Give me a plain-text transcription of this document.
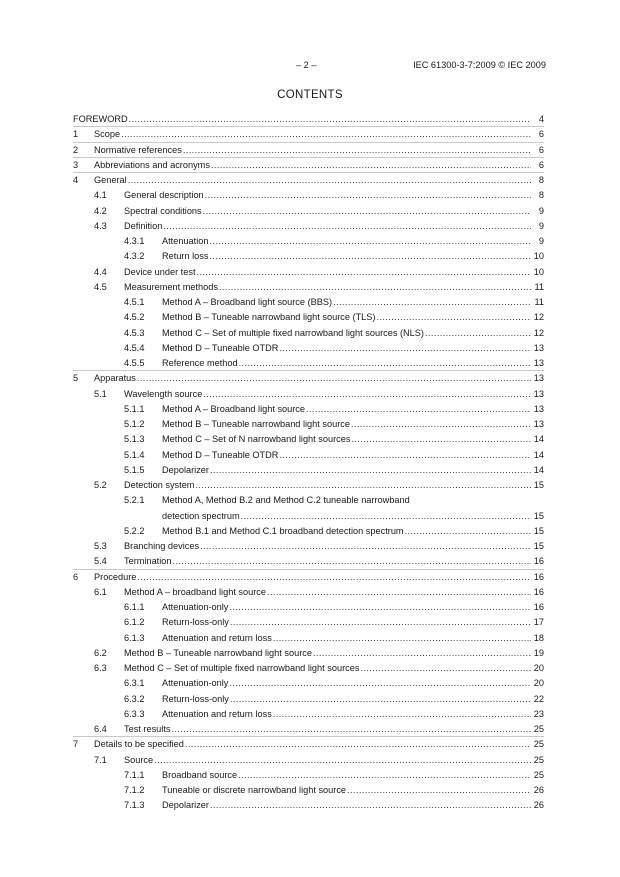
– 2 –	IEC 61300-3-7:2009 © IEC 2009
CONTENTS
FOREWORD .....	4
1 Scope .....	6
2 Normative references .....	6
3 Abbreviations and acronyms .....	6
4 General .....	8
4.1 General description .....	8
4.2 Spectral conditions .....	9
4.3 Definition .....	9
4.3.1 Attenuation .....	9
4.3.2 Return loss .....	10
4.4 Device under test .....	10
4.5 Measurement methods .....	11
4.5.1 Method A – Broadband light source (BBS) .....	11
4.5.2 Method B – Tuneable narrowband light source (TLS) .....	12
4.5.3 Method C – Set of multiple fixed narrowband light sources (NLS) .....	12
4.5.4 Method D – Tuneable OTDR .....	13
4.5.5 Reference method .....	13
5 Apparatus .....	13
5.1 Wavelength source .....	13
5.1.1 Method A – Broadband light source .....	13
5.1.2 Method B – Tuneable narrowband light source .....	13
5.1.3 Method C – Set of N narrowband light sources .....	14
5.1.4 Method D – Tuneable OTDR .....	14
5.1.5 Depolarizer .....	14
5.2 Detection system .....	15
5.2.1 Method A, Method B.2 and Method C.2 tuneable narrowband
detection spectrum .....	15
5.2.2 Method B.1 and Method C.1 broadband detection spectrum .....	15
5.3 Branching devices .....	15
5.4 Termination .....	16
6 Procedure .....	16
6.1 Method A – broadband light source .....	16
6.1.1 Attenuation-only .....	16
6.1.2 Return-loss-only .....	17
6.1.3 Attenuation and return loss .....	18
6.2 Method B – Tuneable narrowband light source .....	19
6.3 Method C – Set of multiple fixed narrowband light sources .....	20
6.3.1 Attenuation-only .....	20
6.3.2 Return-loss-only .....	22
6.3.3 Attenuation and return loss .....	23
6.4 Test results .....	25
7 Details to be specified .....	25
7.1 Source .....	25
7.1.1 Broadband source .....	25
7.1.2 Tuneable or discrete narrowband light source .....	26
7.1.3 Depolarizer .....	26
